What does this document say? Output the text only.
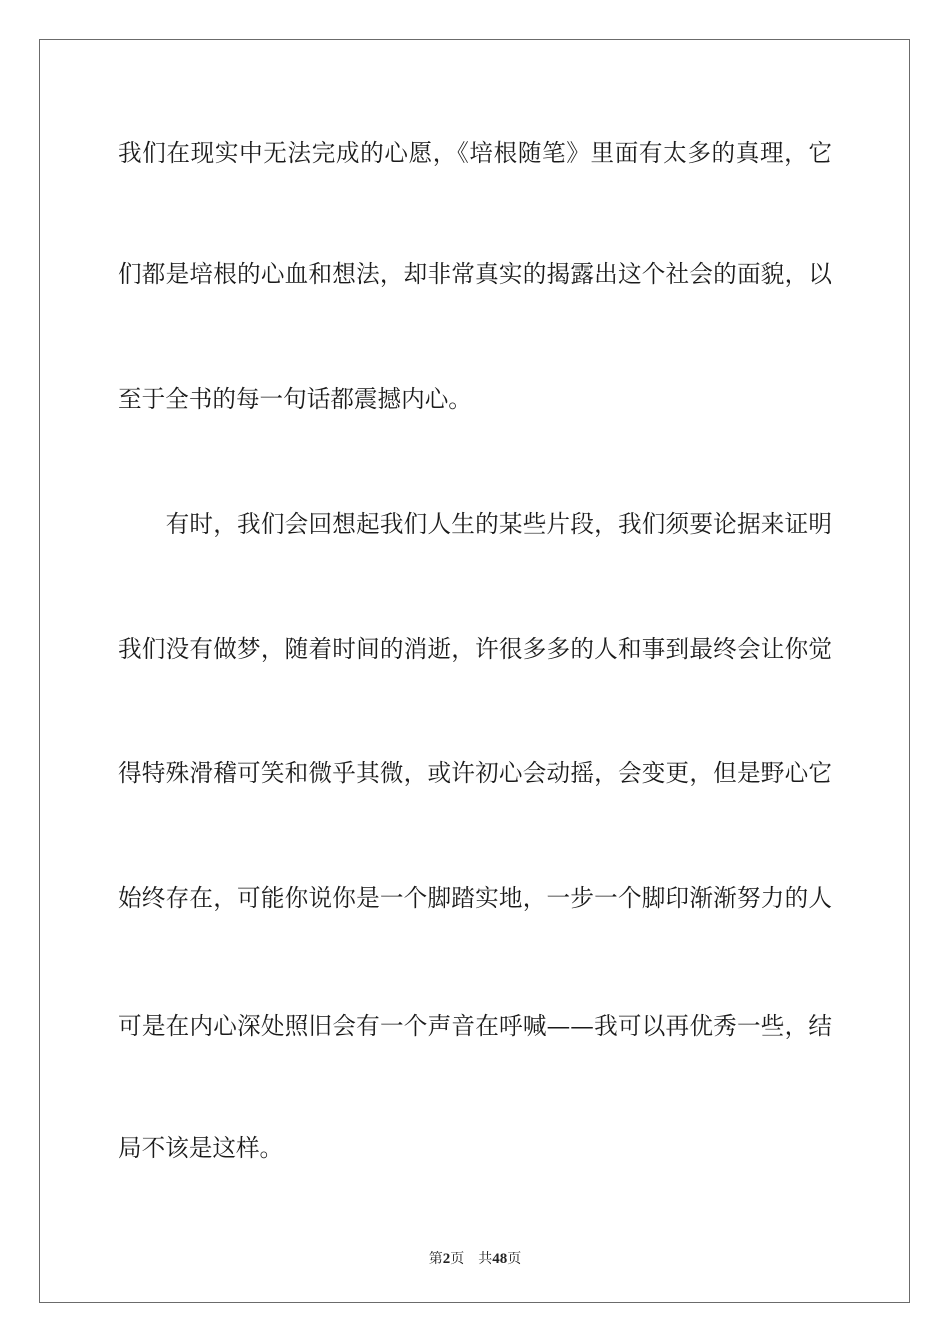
我们在现实中无法完成的心愿，《培根随笔》里面有太多的真理，它
们都是培根的心血和想法，却非常真实的揭露出这个社会的面貌，以
至于全书的每一句话都震撼内心。
　　有时，我们会回想起我们人生的某些片段，我们须要论据来证明
我们没有做梦，随着时间的消逝，许很多多的人和事到最终会让你觉
得特殊滑稽可笑和微乎其微，或许初心会动摇，会变更，但是野心它
始终存在，可能你说你是一个脚踏实地，一步一个脚印渐渐努力的人
可是在内心深处照旧会有一个声音在呼喊——我可以再优秀一些，结
局不该是这样。
第2页 共48页
